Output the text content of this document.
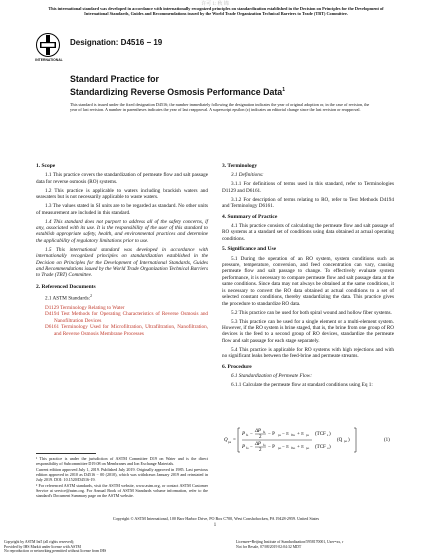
许可 1: 秋 锦
This international standard was developed in accordance with internationally recognized principles on standardization established in the Decision on Principles for the Development of International Standards, Guides and Recommendations issued by the World Trade Organization Technical Barriers to Trade (TBT) Committee.
INTERNATIONAL
Designation: D4516 − 19
Standard Practice for
Standardizing Reverse Osmosis Performance Data$^1$
This standard is issued under the fixed designation D4516; the number immediately following the designation indicates the year of original adoption or, in the case of revision, the year of last revision. A number in parentheses indicates the year of last reapproval. A superscript epsilon (ε) indicates an editorial change since the last revision or reapproval.
1. Scope

1.1 This practice covers the standardization of permeate flow and salt passage data for reverse osmosis (RO) systems.

1.2 This practice is applicable to waters including brackish waters and seawaters but is not necessarily applicable to waste waters.

1.3 The values stated in SI units are to be regarded as standard. No other units of measurement are included in this standard.

1.4 This standard does not purport to address all of the safety concerns, if any, associated with its use. It is the responsibility of the user of this standard to establish appropriate safety, health, and environmental practices and determine the applicability of regulatory limitations prior to use.

1.5 This international standard was developed in accordance with internationally recognized principles on standardization established in the Decision on Principles for the Development of International Standards, Guides and Recommendations issued by the World Trade Organization Technical Barriers to Trade (TBT) Committee.

2. Referenced Documents

2.1 ASTM Standards:$^2$

D1129 Terminology Relating to Water

D4194 Test Methods for Operating Characteristics of Reverse Osmosis and Nanofiltration Devices

D6161 Terminology Used for Microfiltration, Ultrafiltration, Nanofiltration, and Reverse Osmosis Membrane Processes

¹ This practice is under the jurisdiction of ASTM Committee D19 on Water and is the direct responsibility of Subcommittee D19.08 on Membranes and Ion Exchange Materials.

Current edition approved July 1, 2019. Published July 2019. Originally approved in 1985. Last previous edition approved in 2010 as D4516 − 00 (2010), which was withdrawn January 2019 and reinstated in July 2019. DOI: 10.1520/D4516-19.

² For referenced ASTM standards, visit the ASTM website, www.astm.org, or contact ASTM Customer Service at service@astm.org. For Annual Book of ASTM Standards volume information, refer to the standard's Document Summary page on the ASTM website.

3. Terminology

3.1 Definitions:

3.1.1 For definitions of terms used in this standard, refer to Terminologies D1129 and D6161.

3.1.2 For description of terms relating to RO, refer to Test Methods D4194 and Terminology D6161.

4. Summary of Practice

4.1 This practice consists of calculating the permeate flow and salt passage of RO systems at a standard set of conditions using data obtained at actual operating conditions.

5. Significance and Use

5.1 During the operation of an RO system, system conditions such as pressure, temperature, conversion, and feed concentration can vary, causing permeate flow and salt passage to change. To effectively evaluate system performance, it is necessary to compare permeate flow and salt passage data at the same conditions. Since data may not always be obtained at the same conditions, it is necessary to convert the RO data obtained at actual conditions to a set of selected constant conditions, thereby standardizing the data. This practice gives the procedure to standardize RO data.

5.2 This practice can be used for both spiral wound and hollow fiber systems.

5.3 This practice can be used for a single element or a multi-element system. However, if the RO system is brine staged, that is, the brine from one group of RO devices is the feed to a second group of RO devices, standardize the permeate flow and salt passage for each stage separately.

5.4 This practice is applicable for RO systems with high rejections and with no significant leaks between the feed-brine and permeate streams.

6. Procedure

6.1 Standardization of Permeate Flow:

6.1.1 Calculate the permeate flow at standard conditions using Eq 1:

Q ps =
P fs −
ΔP fs
2
− P ps − π fbs + π ps
P fo −
ΔP fo
2
− P po − π fbo + π po
(TCF s )
(TCF o )
(Q po )	(1)
Copyright © ASTM International, 100 Barr Harbor Drive, PO Box C700, West Conshohocken, PA 19428-2959. United States
1
Copyright by ASTM Int'l (all rights reserved);
Provided by IHS Markit under license with ASTM
No reproduction or networking permitted without license from IHS
Licensee=Beijing Institute of Standardization/5958170001, User=xx, r
Not for Resale, 07/08/2019 02:04:32 MDT
